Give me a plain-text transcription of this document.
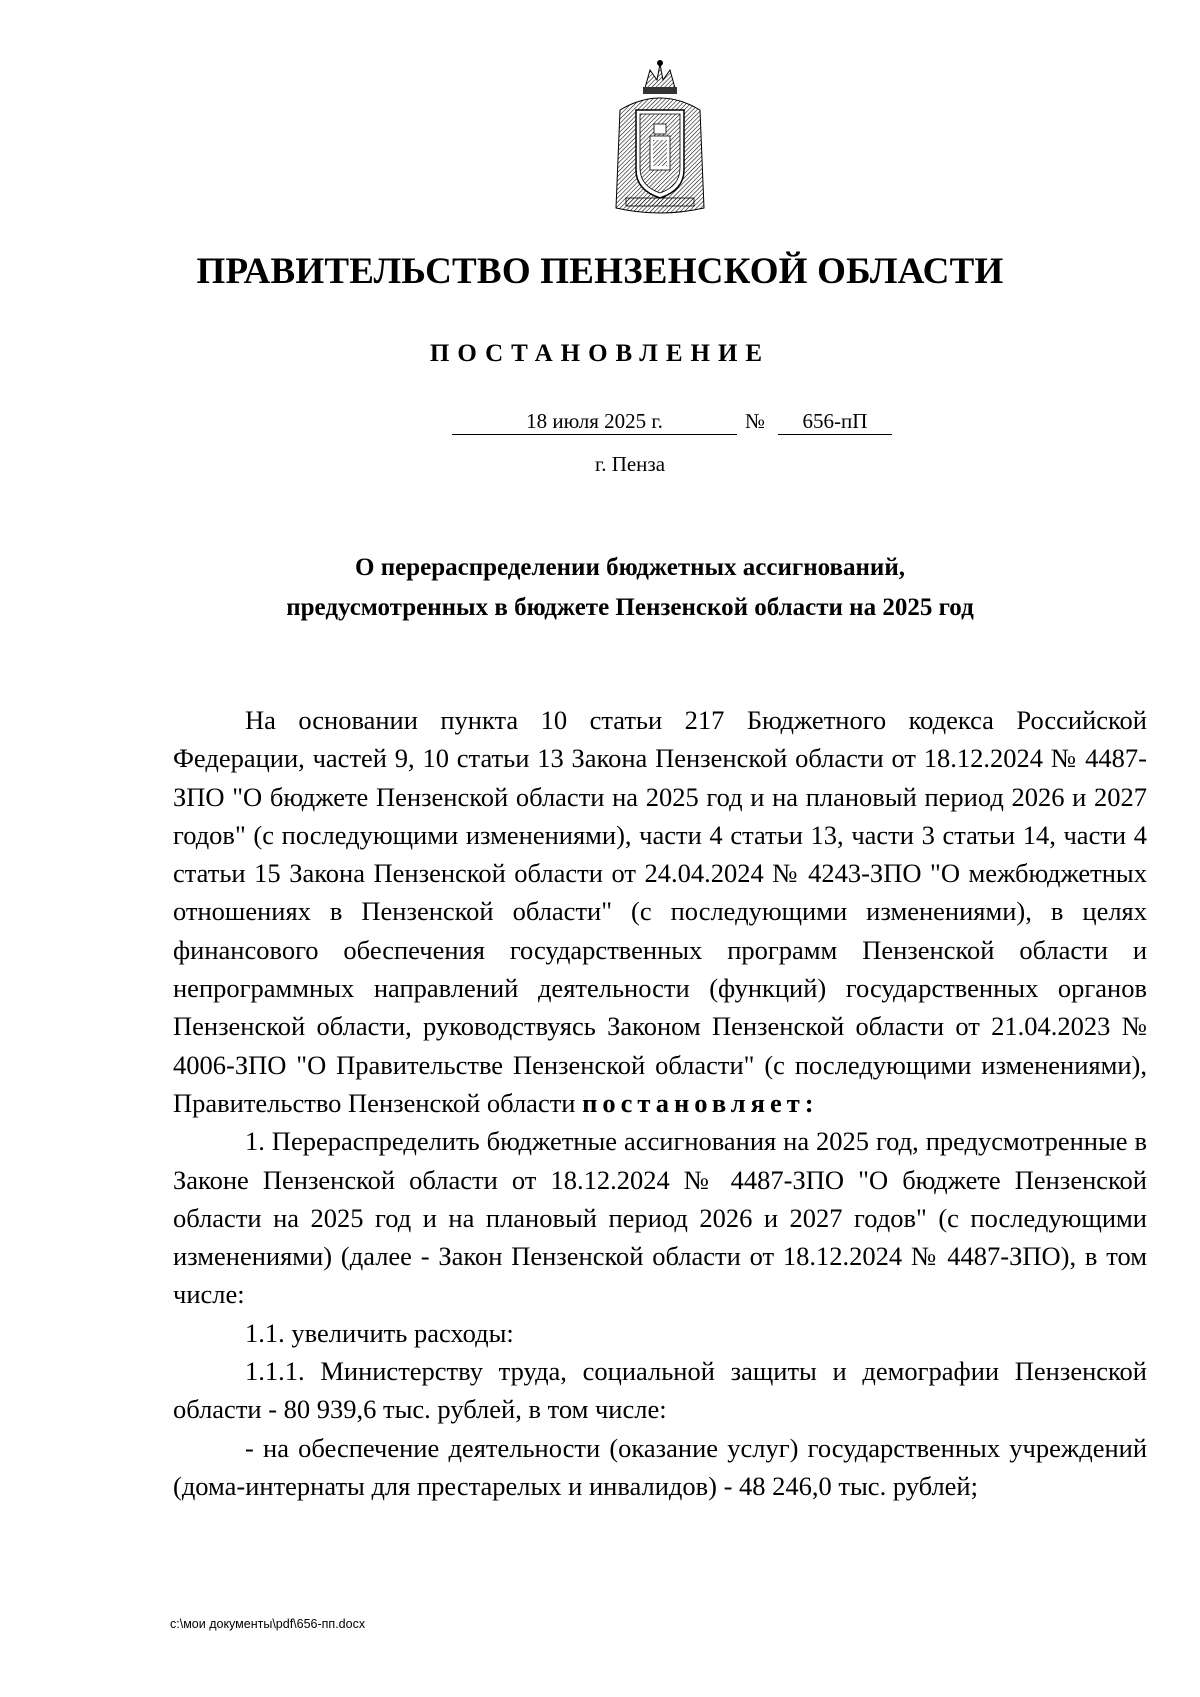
ПРАВИТЕЛЬСТВО ПЕНЗЕНСКОЙ ОБЛАСТИ
ПОСТАНОВЛЕНИЕ
18 июля 2025 г.	№	656-пП
г. Пенза
О перераспределении бюджетных ассигнований,
предусмотренных в бюджете Пензенской области на 2025 год

На основании пункта 10 статьи 217 Бюджетного кодекса Российской Федерации, частей 9, 10 статьи 13 Закона Пензенской области от 18.12.2024 № 4487-ЗПО "О бюджете Пензенской области на 2025 год и на плановый период 2026 и 2027 годов" (с последующими изменениями), части 4 статьи 13, части 3 статьи 14, части 4 статьи 15 Закона Пензенской области от 24.04.2024 № 4243-ЗПО "О межбюджетных отношениях в Пензенской области" (с последующими изменениями), в целях финансового обеспечения государственных программ Пензенской области и непрограммных направлений деятельности (функций) государственных органов Пензенской области, руководствуясь Законом Пензенской области от 21.04.2023 № 4006-ЗПО "О Правительстве Пензенской области" (с последующими изменениями), Правительство Пензенской области постановляет:

1. Перераспределить бюджетные ассигнования на 2025 год, предусмотренные в Законе Пензенской области от 18.12.2024 № 4487-ЗПО "О бюджете Пензенской области на 2025 год и на плановый период 2026 и 2027 годов" (с последующими изменениями) (далее - Закон Пензенской области от 18.12.2024 № 4487-ЗПО), в том числе:

1.1. увеличить расходы:

1.1.1. Министерству труда, социальной защиты и демографии Пензенской области - 80 939,6 тыс. рублей, в том числе:

- на обеспечение деятельности (оказание услуг) государственных учреждений (дома-интернаты для престарелых и инвалидов) - 48 246,0 тыс. рублей;

c:\мои документы\pdf\656-пп.docx
